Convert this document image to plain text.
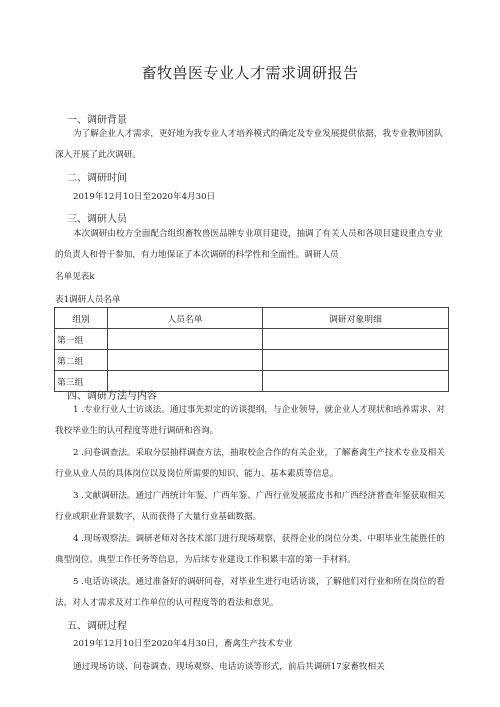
畜牧兽医专业人才需求调研报告
一、调研背景
为了解企业人才需求，更好地为我专业人才培养模式的确定及专业发展提供依据，我专业教师团队深入开展了此次调研。
二、调研时间
2019年12月10日至2020年4月30日
三、调研人员
本次调研由校方全面配合组织畜牧兽医品牌专业项目建设，抽调了有关人员和各项目建设重点专业的负责人和骨干参加，有力地保证了本次调研的科学性和全面性。调研人员
名单见表k
表1调研人员名单
组别	人员名单	调研对象明细
第一组		
第二组		
第三组		
四、调研方法与内容
1 .专业行业人士访谈法。通过事先拟定的访谈提纲，与企业领导，就企业人才现状和培养需求、对我校毕业生的认可程度等进行调研和咨询。
2 .问卷调查法。采取分层抽样调查方法，抽取校企合作的有关企业，了解畜禽生产技术专业及相关行业从业人员的具体岗位以及岗位所需要的知识、能力、基本素质等信息。
3 .文献调研法。通过广西统计年鉴、广西年鉴、广西行业发展蓝皮书和广西经济普查年鉴获取相关行业或职业背景数字，从而获得了大量行业基础数据。
4 .现场观察法。调研老师对各技术部门进行现场观察，获得企业的岗位分类、中职毕业生能胜任的典型岗位、典型工作任务等信息，为后续专业建设工作积累丰富的第一手材料。
5 .电话访谈法。通过准备好的调研问卷，对毕业生进行电话访谈，了解他们对行业和所在岗位的看法，对人才需求及对工作单位的认可程度等的看法和意见。
五、调研过程
2019年12月10日至2020年4月30日，畜禽生产技术专业
通过现场访谈、问卷调查、现场观察、电话访谈等形式，前后共调研17家畜牧相关
